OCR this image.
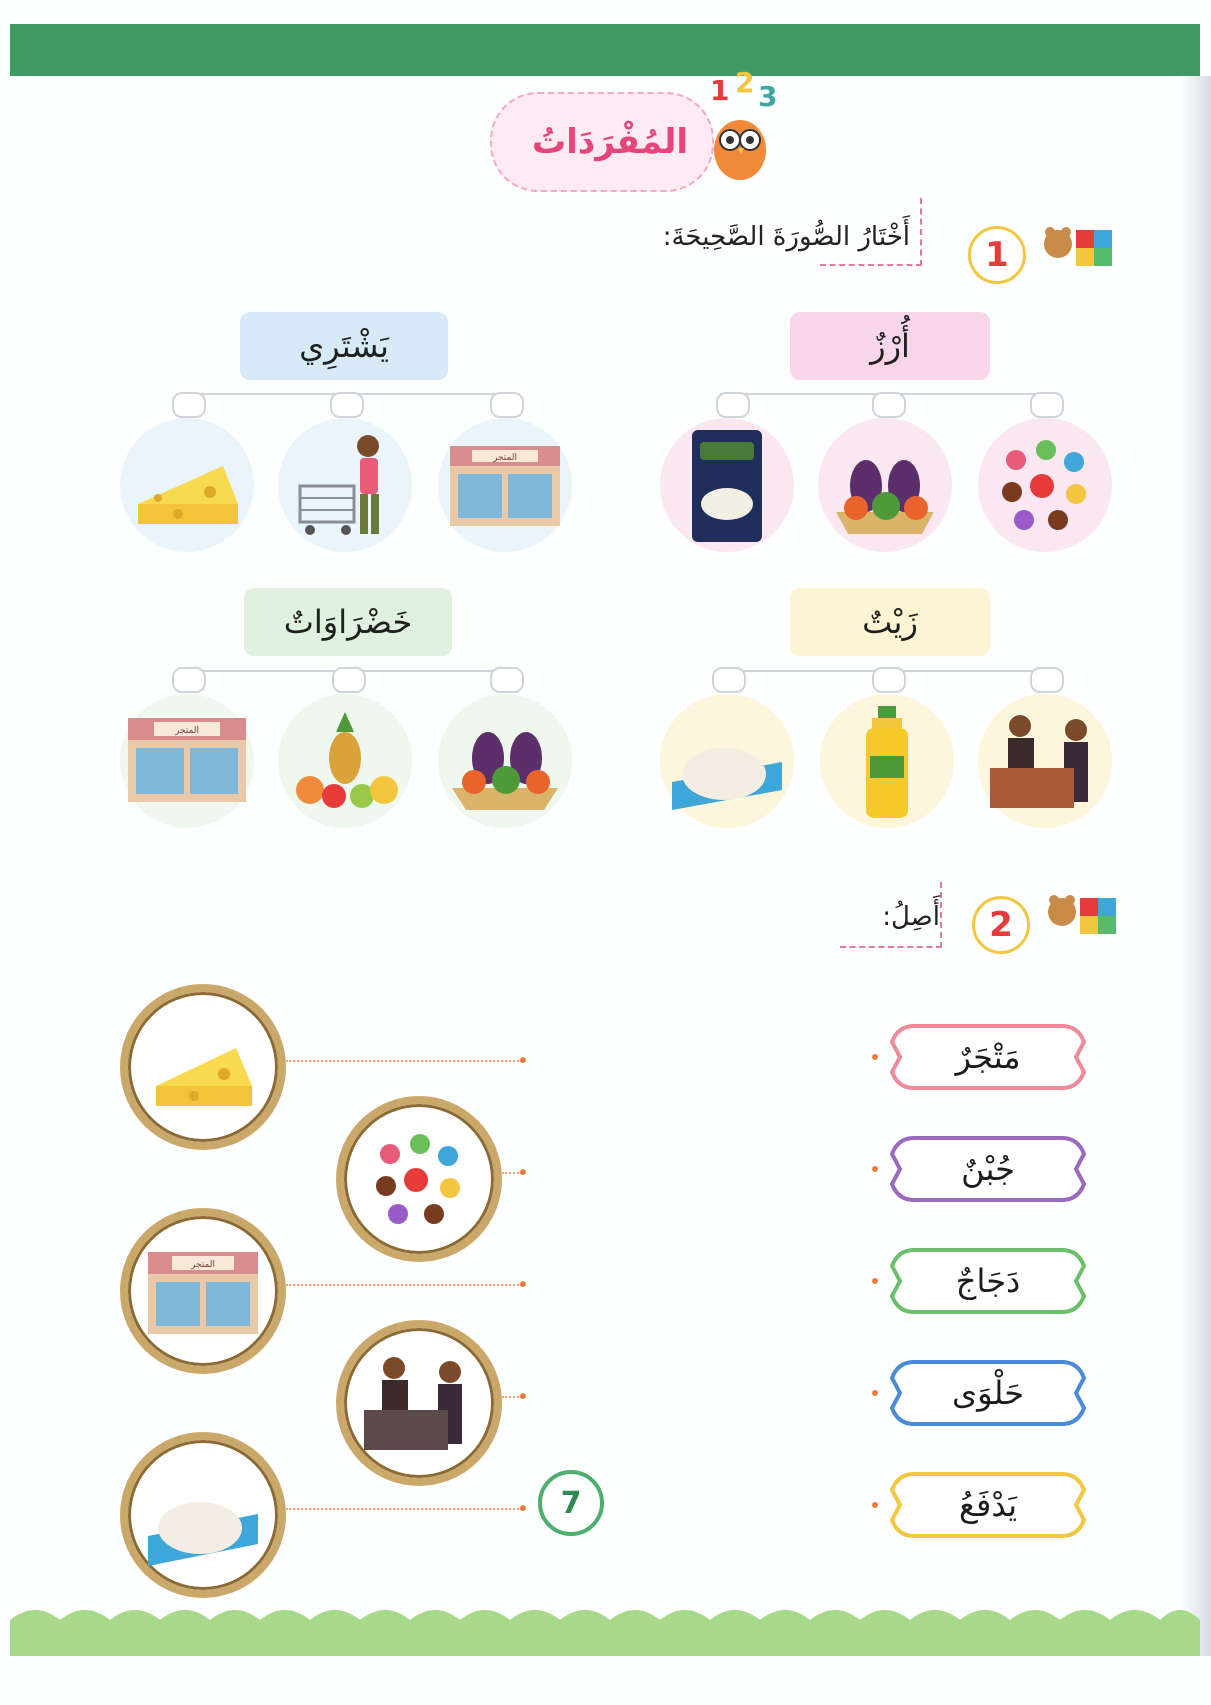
المُفْرَدَاتُ
1 2 3
أَخْتَارُ الصُّورَةَ الصَّحِيحَةَ:	1
يَشْتَرِي
المتجر
أُرْزٌ
خَضْرَاوَاتٌ
المتجر
زَيْتٌ
أَصِلُ:	2
المتجر
مَتْجَرٌ
جُبْنٌ
دَجَاجٌ
حَلْوَى
يَدْفَعُ
7
